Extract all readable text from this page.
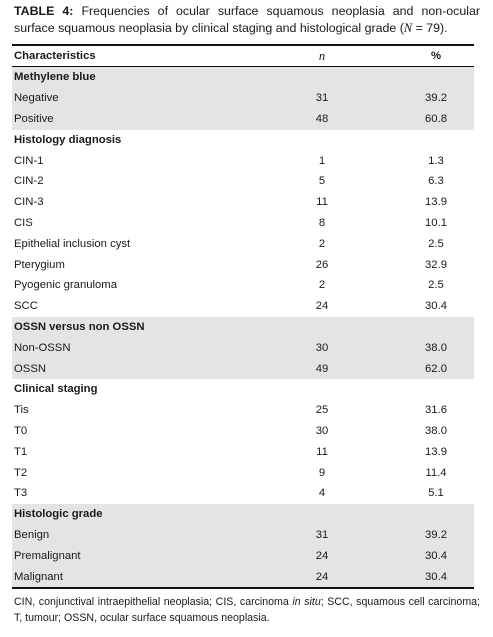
TABLE 4: Frequencies of ocular surface squamous neoplasia and non-ocular surface squamous neoplasia by clinical staging and histological grade (N = 79).
Characteristics	n	%
Methylene blue
Negative	31	39.2
Positive	48	60.8
Histology diagnosis
CIN-1	1	1.3
CIN-2	5	6.3
CIN-3	11	13.9
CIS	8	10.1
Epithelial inclusion cyst	2	2.5
Pterygium	26	32.9
Pyogenic granuloma	2	2.5
SCC	24	30.4
OSSN versus non OSSN
Non-OSSN	30	38.0
OSSN	49	62.0
Clinical staging
Tis	25	31.6
T0	30	38.0
T1	11	13.9
T2	9	11.4
T3	4	5.1
Histologic grade
Benign	31	39.2
Premalignant	24	30.4
Malignant	24	30.4
CIN, conjunctival intraepithelial neoplasia; CIS, carcinoma in situ; SCC, squamous cell carcinoma; T, tumour; OSSN, ocular surface squamous neoplasia.
